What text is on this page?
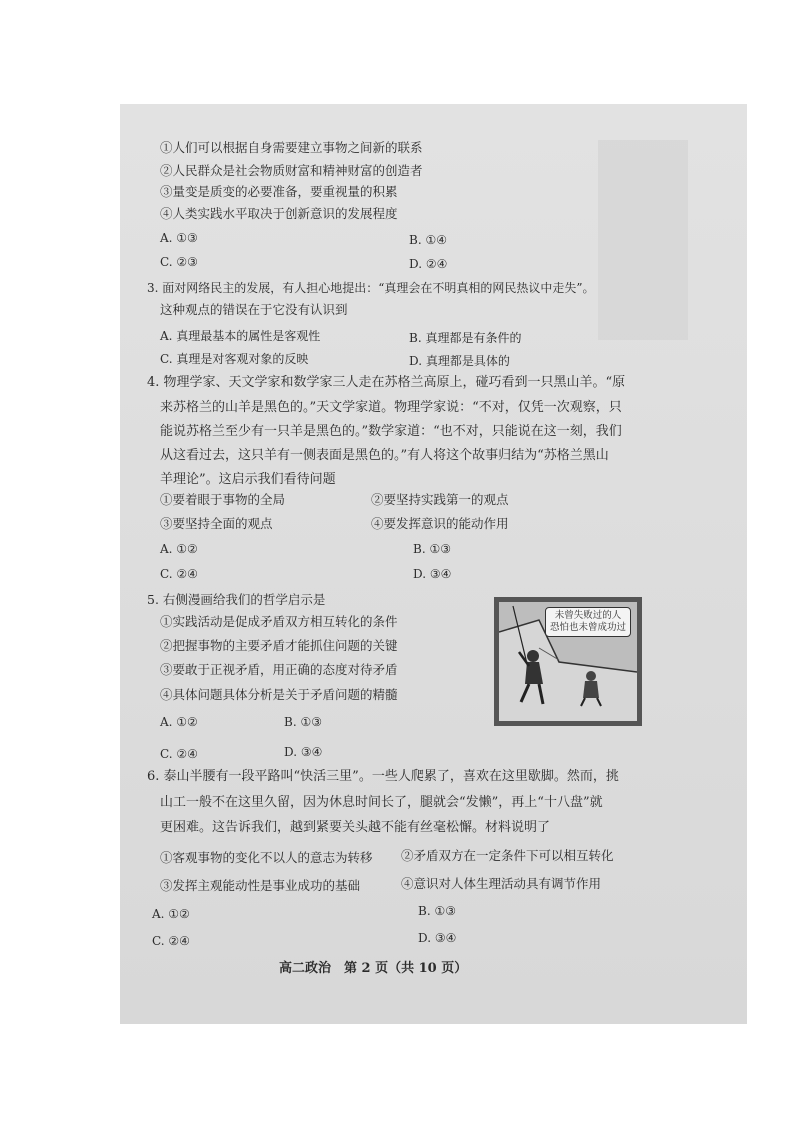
①人们可以根据自身需要建立事物之间新的联系
②人民群众是社会物质财富和精神财富的创造者
③量变是质变的必要准备，要重视量的积累
④人类实践水平取决于创新意识的发展程度
A. ①③	B. ①④
C. ②③	D. ②④
3. 面对网络民主的发展，有人担心地提出：“真理会在不明真相的网民热议中走失”。
这种观点的错误在于它没有认识到
A. 真理最基本的属性是客观性	B. 真理都是有条件的
C. 真理是对客观对象的反映	D. 真理都是具体的
4. 物理学家、天文学家和数学家三人走在苏格兰高原上，碰巧看到一只黑山羊。“原
来苏格兰的山羊是黑色的。”天文学家道。物理学家说：“不对，仅凭一次观察，只
能说苏格兰至少有一只羊是黑色的。”数学家道：“也不对，只能说在这一刻，我们
从这看过去，这只羊有一侧表面是黑色的。”有人将这个故事归结为“苏格兰黑山
羊理论”。这启示我们看待问题
①要着眼于事物的全局	②要坚持实践第一的观点
③要坚持全面的观点	④要发挥意识的能动作用
A. ①②	B. ①③
C. ②④	D. ③④
5. 右侧漫画给我们的哲学启示是
①实践活动是促成矛盾双方相互转化的条件
②把握事物的主要矛盾才能抓住问题的关键
③要敢于正视矛盾，用正确的态度对待矛盾
④具体问题具体分析是关于矛盾问题的精髓
A. ①②	B. ①③
C. ②④	D. ③④
未曾失败过的人
恐怕也未曾成功过
6. 泰山半腰有一段平路叫“快活三里”。一些人爬累了，喜欢在这里歇脚。然而，挑
山工一般不在这里久留，因为休息时间长了，腿就会“发懒”，再上“十八盘”就
更困难。这告诉我们，越到紧要关头越不能有丝毫松懈。材料说明了
①客观事物的变化不以人的意志为转移 ②矛盾双方在一定条件下可以相互转化
③发挥主观能动性是事业成功的基础	④意识对人体生理活动具有调节作用
A. ①②	B. ①③
C. ②④	D. ③④
高二政治　第 2 页（共 10 页）
